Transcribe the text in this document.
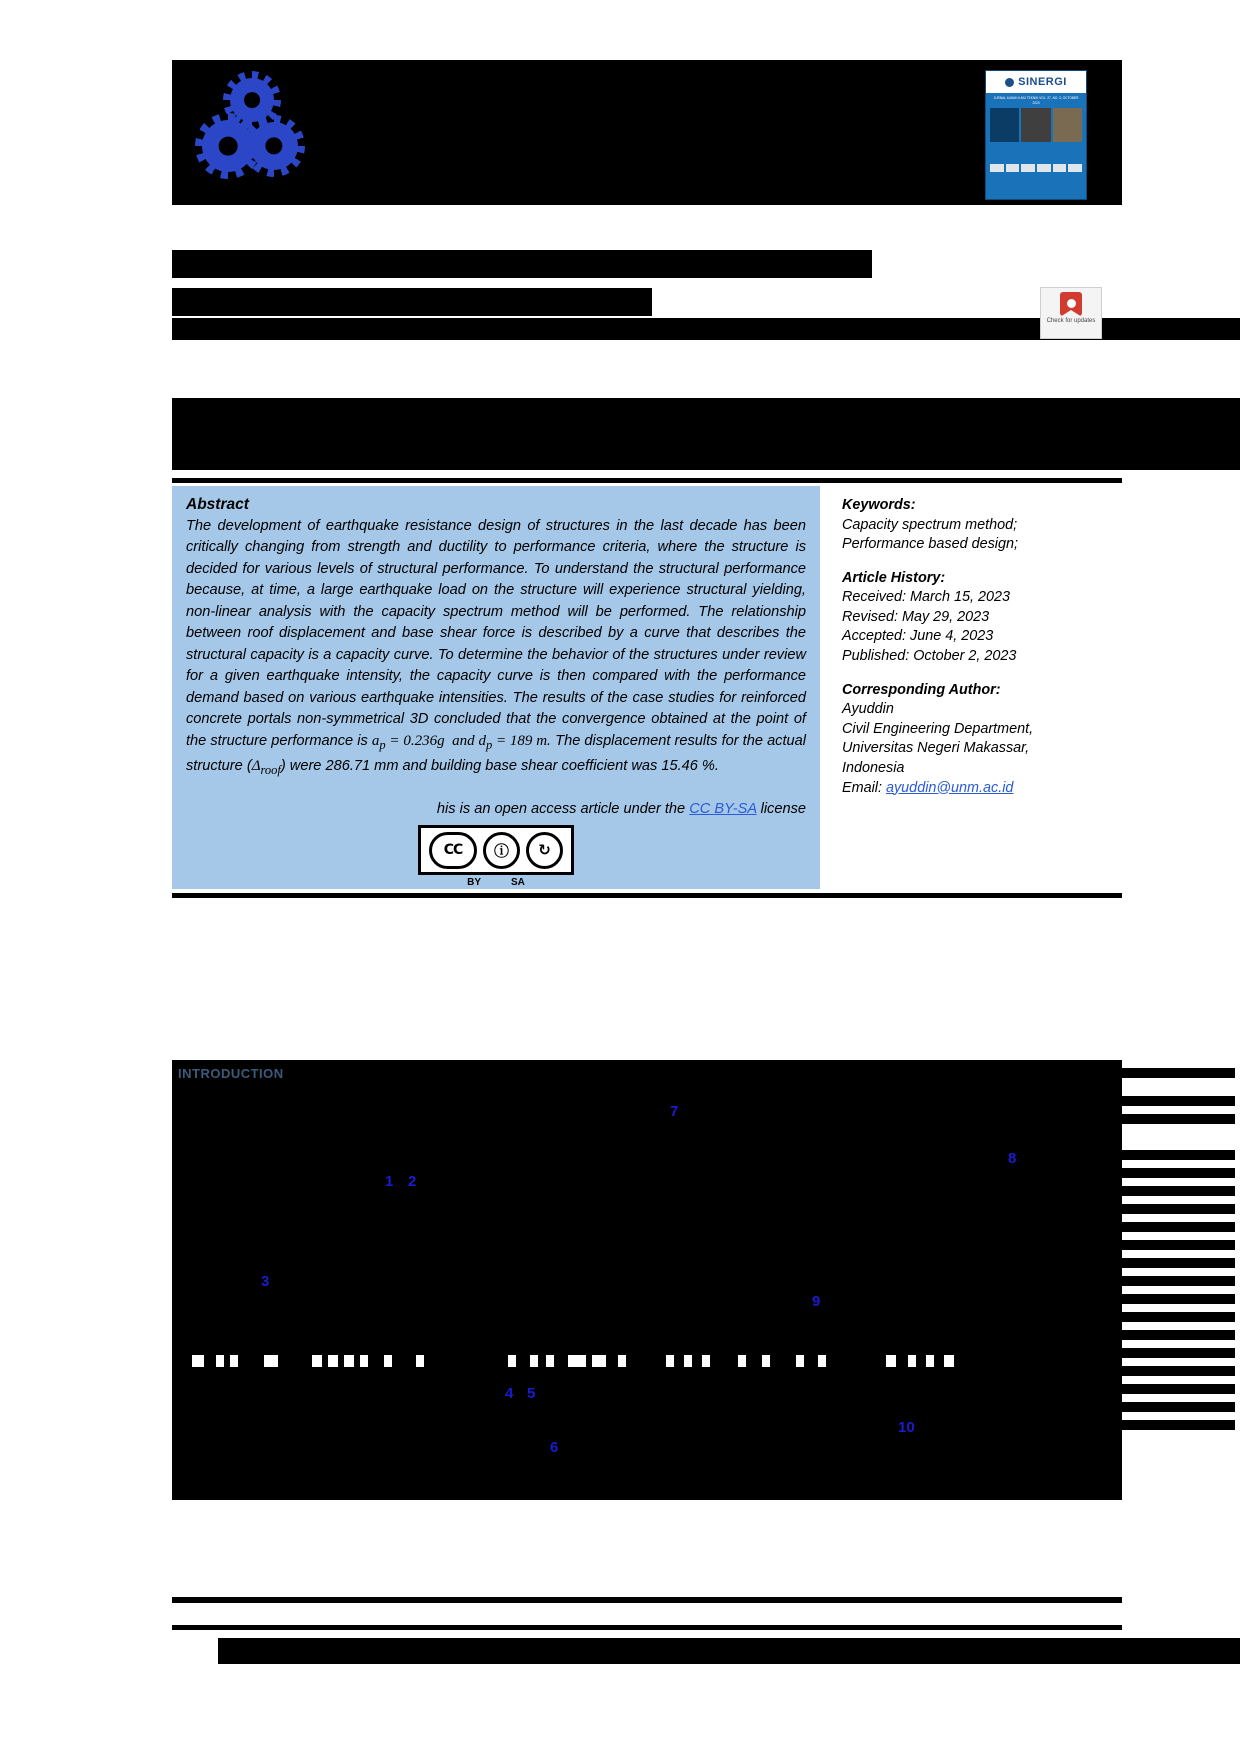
SINERGI
JURNAL ILMIAH ILMU TEKNIK VOL. 27, NO. 3, OCTOBER 2023
Check for updates
Abstract

The development of earthquake resistance design of structures in the last decade has been critically changing from strength and ductility to performance criteria, where the structure is decided for various levels of structural performance. To understand the structural performance because, at time, a large earthquake load on the structure will experience structural yielding, non-linear analysis with the capacity spectrum method will be performed. The relationship between roof displacement and base shear force is described by a curve that describes the structural capacity is a capacity curve. To determine the behavior of the structures under review for a given earthquake intensity, the capacity curve is then compared with the performance demand based on various earthquake intensities. The results of the case studies for reinforced concrete portals non-symmetrical 3D concluded that the convergence obtained at the point of the structure performance is $a_p = 0.236g$ and $d_p = 189$ m. The displacement results for the actual structure $(\Delta_{roof})$ were 286.71 mm and building base shear coefficient was 15.46 %.

his is an open access article under the CC BY-SA license
CC	ⓘ	↻
BY	SA
Keywords:
Capacity spectrum method;
Performance based design;
Article History:
Received: March 15, 2023
Revised: May 29, 2023
Accepted: June 4, 2023
Published: October 2, 2023
Corresponding Author:
Ayuddin
Civil Engineering Department,
Universitas Negeri Makassar,
Indonesia
Email: ayuddin@unm.ac.id
INTRODUCTION
7
8
1 2
3
9
4 5
10
6
